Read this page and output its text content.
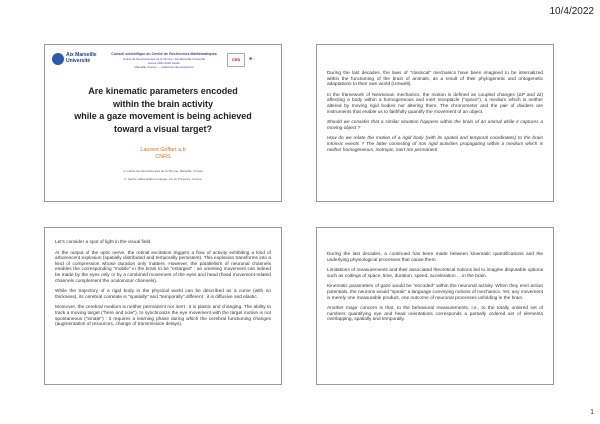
10/4/2022
Aix Marseille Université
Conseil scientifique du Centre de Recherches Mathématiques
Institut de Neurosciences de la Timone / Aix-Marseille Université
Année 2021-2022 Atelier
Marseille, France — Institut de Neurosciences
CRS	✱ ◦
Are kinematic parameters encoded
within the brain activity
while a gaze movement is being achieved
toward a visual target?
Laurent Goffart a,b
CNRS
a: Institut de Neurosciences de la Timone, Marseille, France
b: Centre Gilles Gaston Granger, Aix en Provence, France

During the last decades, the laws of "classical" mechanics have been imagined to be internalized within the functioning of the brain of animals, as a result of their phylogenetic and ontogenetic adaptations to their own world (Umwelt).

In the framework of Newtonian mechanics, the motion is defined as coupled changes (ΔP and Δt) affecting a body within a homogeneous and inert receptacle ("space"), a medium which is neither altered by moving rigid bodies nor altering them. The chronometer and the pair of dividers are instruments that enable us to faithfully quantify the movement of an object.

Should we consider that a similar situation happens within the brain of an animal while it captures a moving object ?

How do we relate the motion of a rigid body (with its spatial and temporal coordinates) to the brain intrinsic events ? The latter consisting of non rigid activities propagating within a medium which is neither homogeneous, isotropic, inert nor permanent

Let's consider a spot of light in the visual field.

At the output of the optic nerve, the retinal excitation triggers a flow of activity exhibiting a kind of arborescent explosion (spatially distributed and temporally persistent). This explosion transforms into a kind of compression whose duration only matters. However, the parallelism of neuronal channels enables the corresponding "mobile" in the brain to be "enlarged" : an orienting movement can indeed be made by the eyes only or by a combined movement of the eyes and head (head movement-related channels complement the oculomotor channels).

While the trajectory of a rigid body in the physical world can be described as a curve (with no thickness), its cerebral correlate is "spatially" and "temporally" different : it is diffusive and elastic.

Moreover, the cerebral medium is neither permanent nor inert : it is plastic and changing. The ability to track a moving target ("here and now"), to synchronize the eye movement with the target motion is not spontaneous ("innate") : it requires a learning phase during which the cerebral functioning changes (augmentation of resources, change of transmission delays).

During the last decades, a continued has been made between kinematic quantifications and the underlying physiological processes that cause them.

Limitations of measurements and their associated theoretical notions led to imagine disputable options such as codings of space, time, duration, speed, acceleration ... in the brain.

Kinematic parameters of gaze would be "encoded" within the neuronal activity. When they emit action potentials, the neurons would "speak" a language conveying notions of mechanics. Yet, any movement is merely one measurable product, one outcome of neuronal processes unfolding in the brain.

Another major concern is that, to the behavioral measurements, i.e., to the totally ordered set of numbers quantifying eye and head orientations corresponds a partially ordered set of elements overlapping, spatially and temporally.

1
